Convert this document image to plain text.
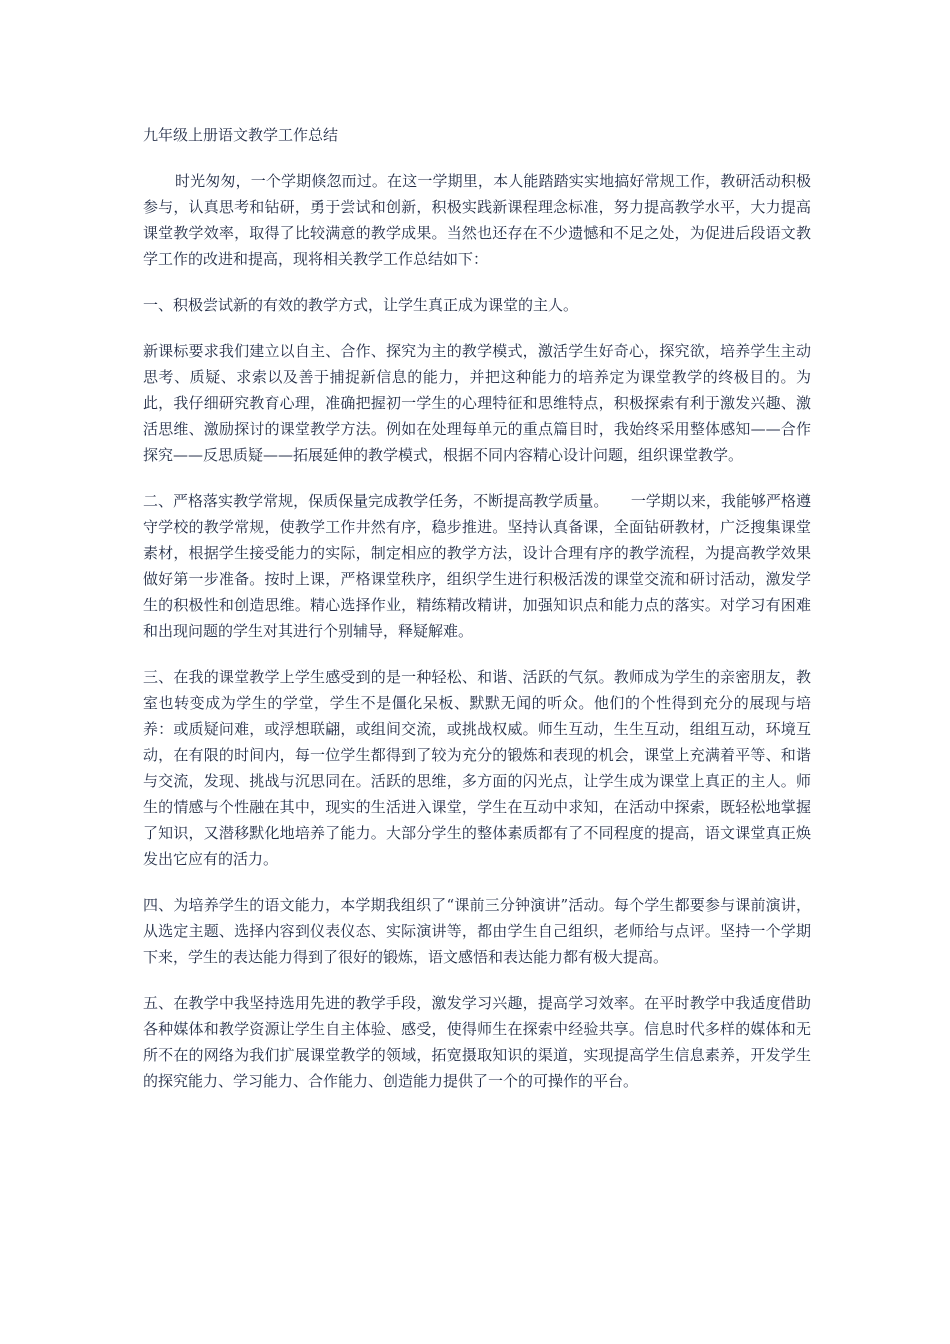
九年级上册语文教学工作总结

时光匆匆，一个学期倏忽而过。在这一学期里，本人能踏踏实实地搞好常规工作，教研活动积极参与，认真思考和钻研，勇于尝试和创新，积极实践新课程理念标准，努力提高教学水平，大力提高课堂教学效率，取得了比较满意的教学成果。当然也还存在不少遗憾和不足之处，为促进后段语文教学工作的改进和提高，现将相关教学工作总结如下：

一、积极尝试新的有效的教学方式，让学生真正成为课堂的主人。

新课标要求我们建立以自主、合作、探究为主的教学模式，激活学生好奇心，探究欲，培养学生主动思考、质疑、求索以及善于捕捉新信息的能力，并把这种能力的培养定为课堂教学的终极目的。为此，我仔细研究教育心理，准确把握初一学生的心理特征和思维特点，积极探索有利于激发兴趣、激活思维、激励探讨的课堂教学方法。例如在处理每单元的重点篇目时，我始终采用整体感知——合作探究——反思质疑——拓展延伸的教学模式，根据不同内容精心设计问题，组织课堂教学。

二、严格落实教学常规，保质保量完成教学任务，不断提高教学质量。　　一学期以来，我能够严格遵守学校的教学常规，使教学工作井然有序，稳步推进。坚持认真备课，全面钻研教材，广泛搜集课堂素材，根据学生接受能力的实际，制定相应的教学方法，设计合理有序的教学流程，为提高教学效果做好第一步准备。按时上课，严格课堂秩序，组织学生进行积极活泼的课堂交流和研讨活动，激发学生的积极性和创造思维。精心选择作业，精练精改精讲，加强知识点和能力点的落实。对学习有困难和出现问题的学生对其进行个别辅导，释疑解难。

三、在我的课堂教学上学生感受到的是一种轻松、和谐、活跃的气氛。教师成为学生的亲密朋友，教室也转变成为学生的学堂，学生不是僵化呆板、默默无闻的听众。他们的个性得到充分的展现与培养：或质疑问难，或浮想联翩，或组间交流，或挑战权威。师生互动，生生互动，组组互动，环境互动，在有限的时间内，每一位学生都得到了较为充分的锻炼和表现的机会，课堂上充满着平等、和谐与交流，发现、挑战与沉思同在。活跃的思维，多方面的闪光点，让学生成为课堂上真正的主人。师生的情感与个性融在其中，现实的生活进入课堂，学生在互动中求知，在活动中探索，既轻松地掌握了知识，又潜移默化地培养了能力。大部分学生的整体素质都有了不同程度的提高，语文课堂真正焕发出它应有的活力。

四、为培养学生的语文能力，本学期我组织了“课前三分钟演讲”活动。每个学生都要参与课前演讲，从选定主题、选择内容到仪表仪态、实际演讲等，都由学生自己组织，老师给与点评。坚持一个学期下来，学生的表达能力得到了很好的锻炼，语文感悟和表达能力都有极大提高。

五、在教学中我坚持选用先进的教学手段，激发学习兴趣，提高学习效率。在平时教学中我适度借助各种媒体和教学资源让学生自主体验、感受，使得师生在探索中经验共享。信息时代多样的媒体和无所不在的网络为我们扩展课堂教学的领域，拓宽摄取知识的渠道，实现提高学生信息素养，开发学生的探究能力、学习能力、合作能力、创造能力提供了一个的可操作的平台。
